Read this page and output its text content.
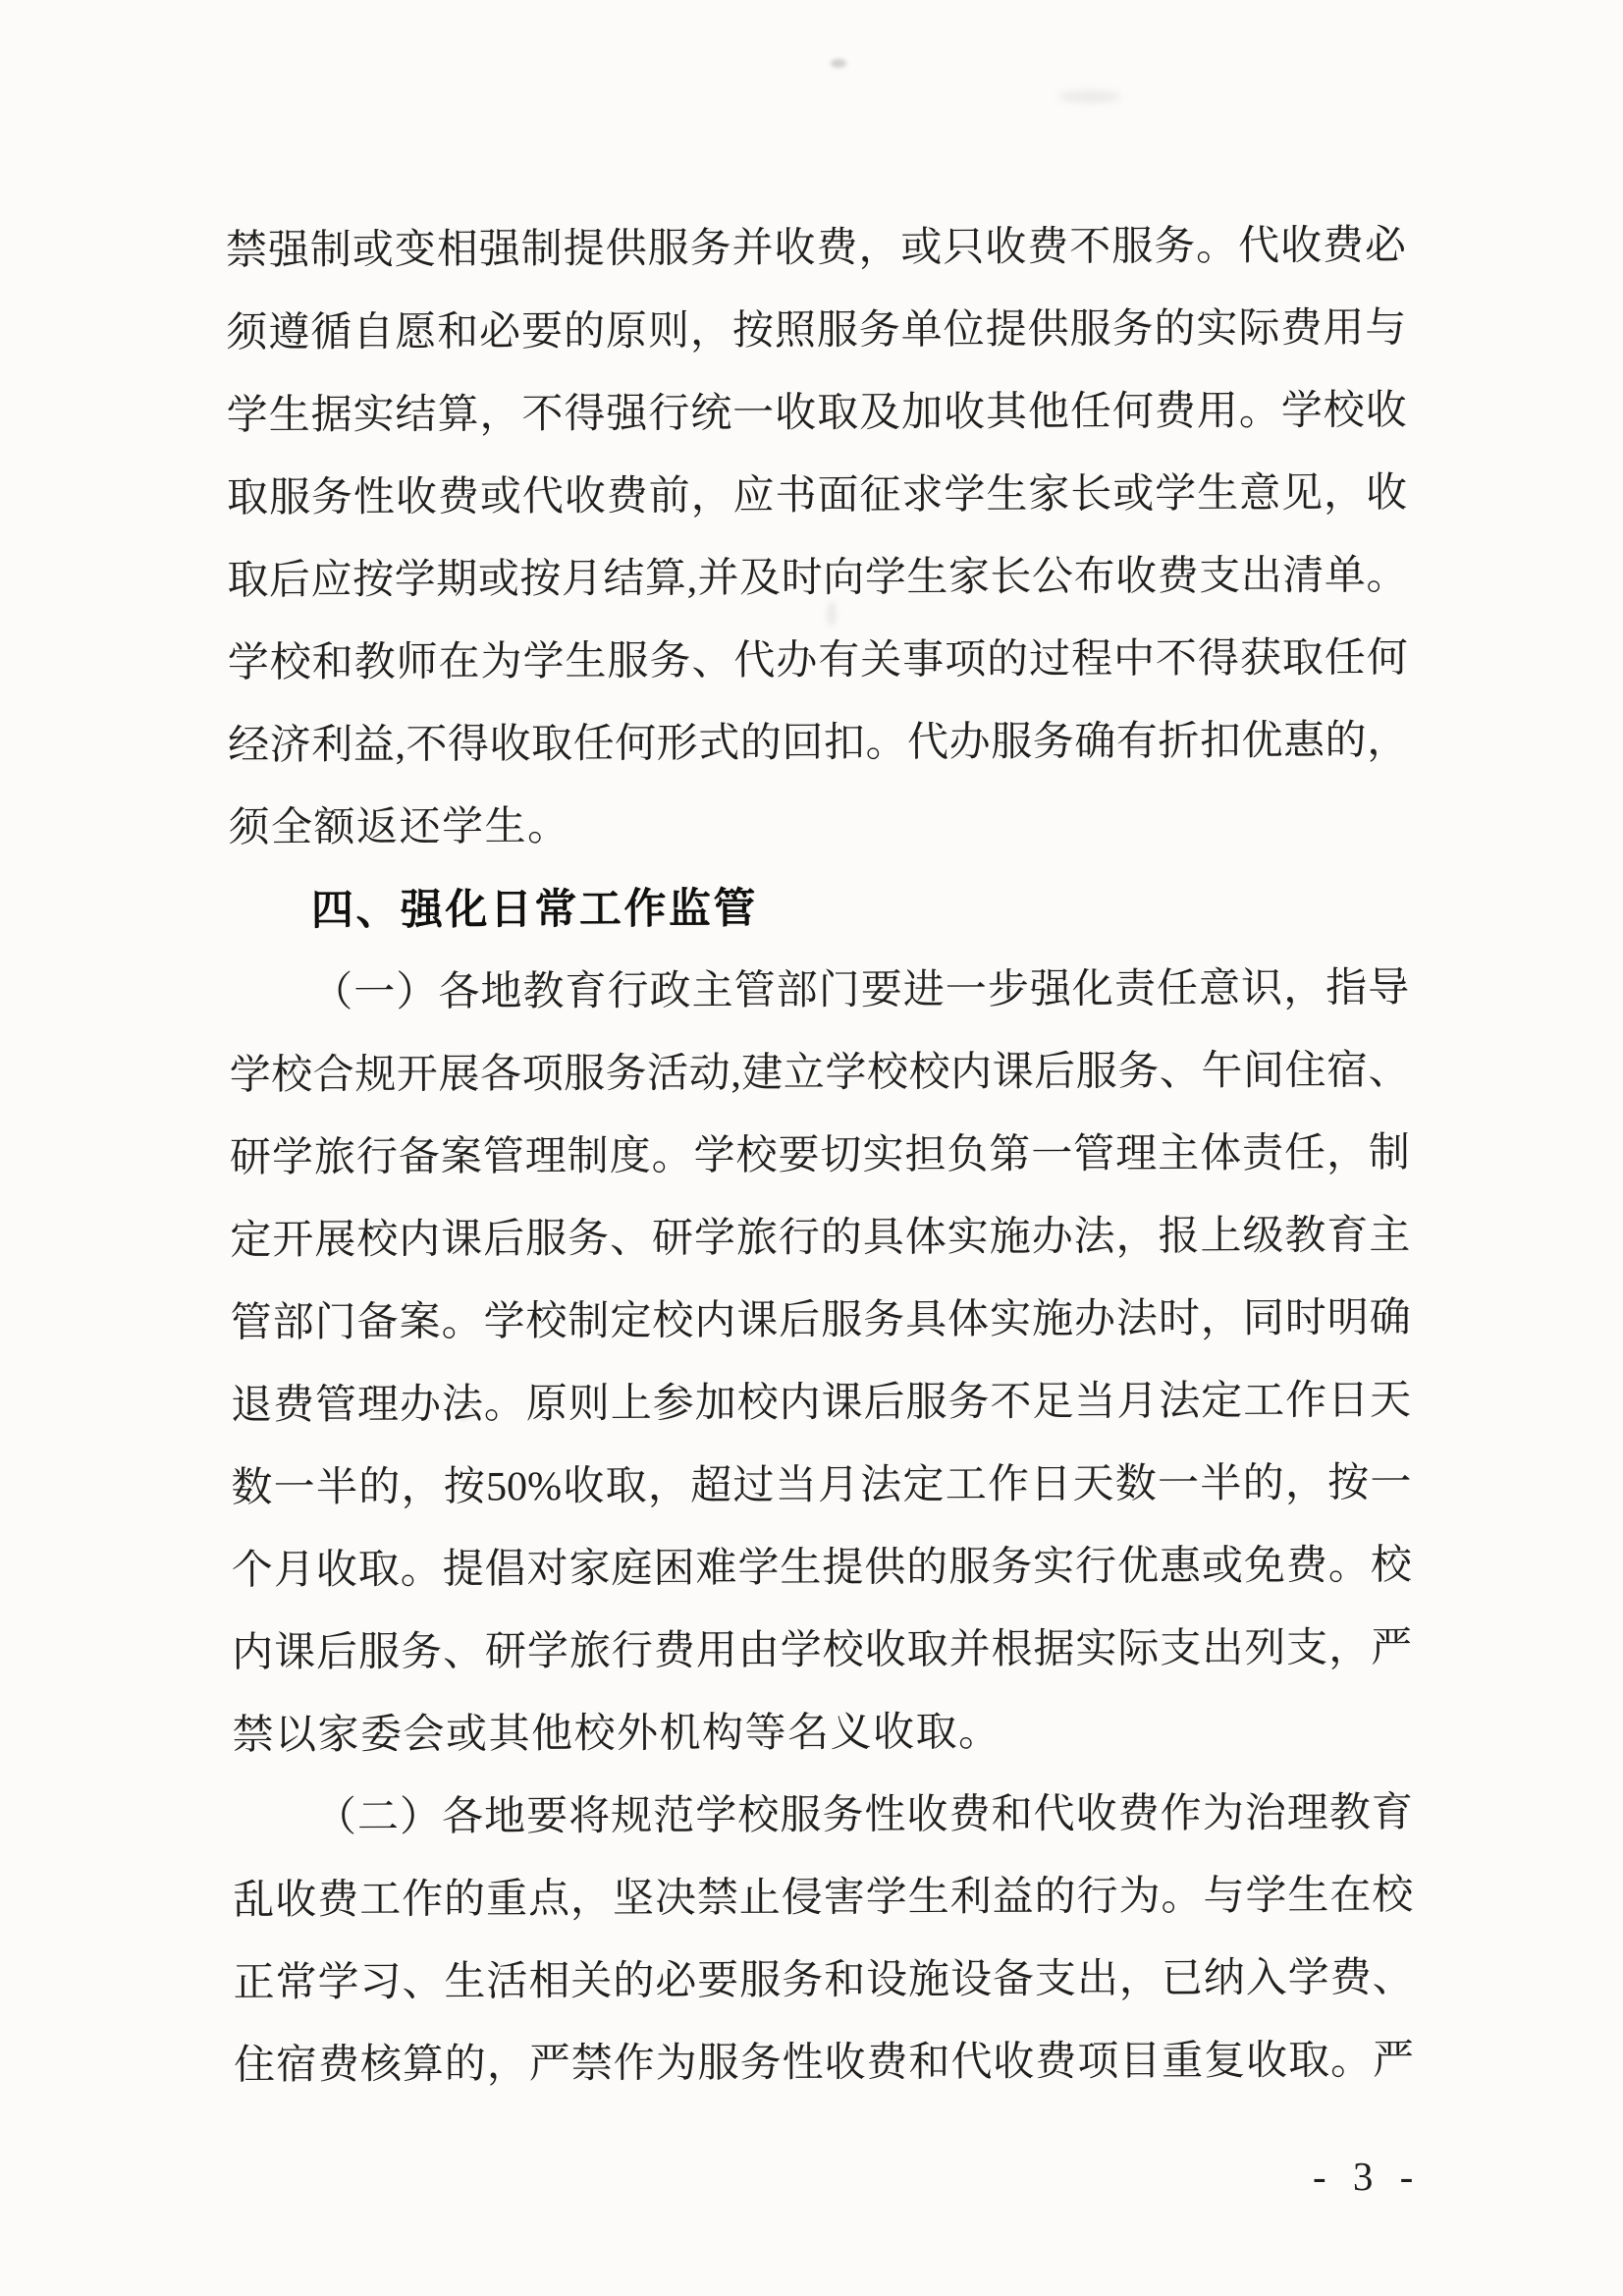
禁强制或变相强制提供服务并收费，或只收费不服务。代收费必
须遵循自愿和必要的原则，按照服务单位提供服务的实际费用与
学生据实结算，不得强行统一收取及加收其他任何费用。学校收
取服务性收费或代收费前，应书面征求学生家长或学生意见，收
取后应按学期或按月结算,并及时向学生家长公布收费支出清单。
学校和教师在为学生服务、代办有关事项的过程中不得获取任何
经济利益,不得收取任何形式的回扣。代办服务确有折扣优惠的，
须全额返还学生。
四、强化日常工作监管
（一）各地教育行政主管部门要进一步强化责任意识，指导
学校合规开展各项服务活动,建立学校校内课后服务、午间住宿、
研学旅行备案管理制度。学校要切实担负第一管理主体责任，制
定开展校内课后服务、研学旅行的具体实施办法，报上级教育主
管部门备案。学校制定校内课后服务具体实施办法时，同时明确
退费管理办法。原则上参加校内课后服务不足当月法定工作日天
数一半的，按50%收取，超过当月法定工作日天数一半的，按一
个月收取。提倡对家庭困难学生提供的服务实行优惠或免费。校
内课后服务、研学旅行费用由学校收取并根据实际支出列支，严
禁以家委会或其他校外机构等名义收取。
（二）各地要将规范学校服务性收费和代收费作为治理教育
乱收费工作的重点，坚决禁止侵害学生利益的行为。与学生在校
正常学习、生活相关的必要服务和设施设备支出，已纳入学费、
住宿费核算的，严禁作为服务性收费和代收费项目重复收取。严
- 3 -
